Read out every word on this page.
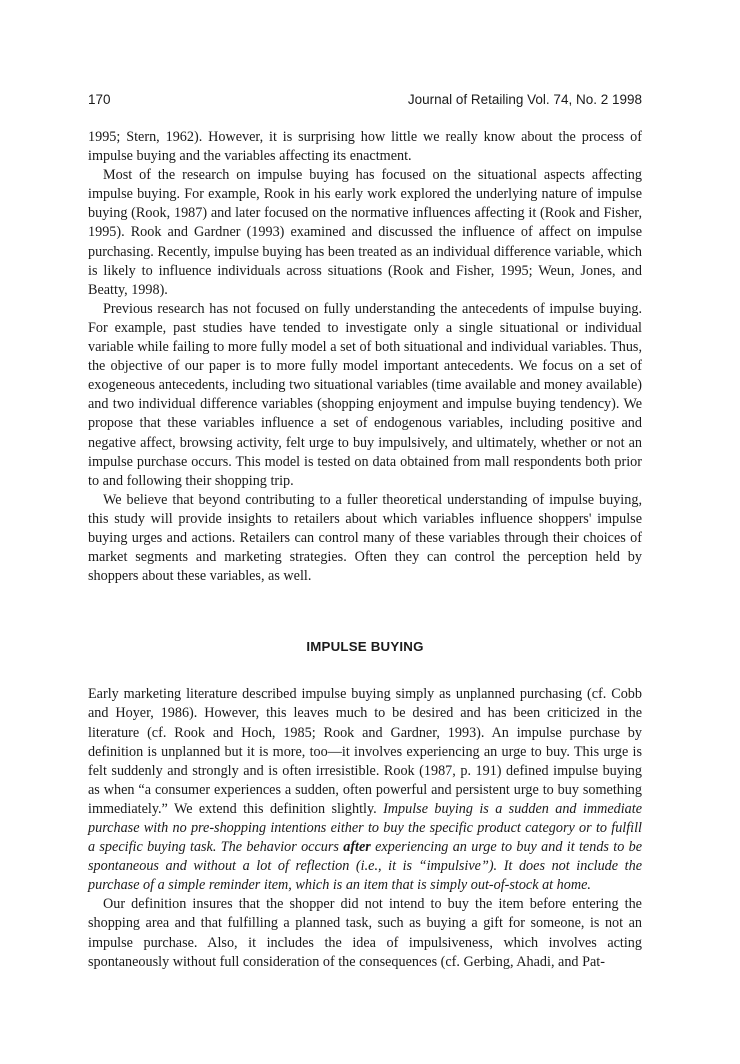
170	Journal of Retailing Vol. 74, No. 2 1998

1995; Stern, 1962). However, it is surprising how little we really know about the process of impulse buying and the variables affecting its enactment.

Most of the research on impulse buying has focused on the situational aspects affecting impulse buying. For example, Rook in his early work explored the underlying nature of impulse buying (Rook, 1987) and later focused on the normative influences affecting it (Rook and Fisher, 1995). Rook and Gardner (1993) examined and discussed the influence of affect on impulse purchasing. Recently, impulse buying has been treated as an individual difference variable, which is likely to influence individuals across situations (Rook and Fisher, 1995; Weun, Jones, and Beatty, 1998).

Previous research has not focused on fully understanding the antecedents of impulse buying. For example, past studies have tended to investigate only a single situational or individual variable while failing to more fully model a set of both situational and individual variables. Thus, the objective of our paper is to more fully model important antecedents. We focus on a set of exogeneous antecedents, including two situational variables (time available and money available) and two individual difference variables (shopping enjoyment and impulse buying tendency). We propose that these variables influence a set of endogenous variables, including positive and negative affect, browsing activity, felt urge to buy impulsively, and ultimately, whether or not an impulse purchase occurs. This model is tested on data obtained from mall respondents both prior to and following their shopping trip.

We believe that beyond contributing to a fuller theoretical understanding of impulse buying, this study will provide insights to retailers about which variables influence shoppers' impulse buying urges and actions. Retailers can control many of these variables through their choices of market segments and marketing strategies. Often they can control the perception held by shoppers about these variables, as well.

IMPULSE BUYING

Early marketing literature described impulse buying simply as unplanned purchasing (cf. Cobb and Hoyer, 1986). However, this leaves much to be desired and has been criticized in the literature (cf. Rook and Hoch, 1985; Rook and Gardner, 1993). An impulse purchase by definition is unplanned but it is more, too—it involves experiencing an urge to buy. This urge is felt suddenly and strongly and is often irresistible. Rook (1987, p. 191) defined impulse buying as when “a consumer experiences a sudden, often powerful and persistent urge to buy something immediately.” We extend this definition slightly. Impulse buying is a sudden and immediate purchase with no pre-shopping intentions either to buy the specific product category or to fulfill a specific buying task. The behavior occurs after experiencing an urge to buy and it tends to be spontaneous and without a lot of reflection (i.e., it is “impulsive”). It does not include the purchase of a simple reminder item, which is an item that is simply out-of-stock at home.

Our definition insures that the shopper did not intend to buy the item before entering the shopping area and that fulfilling a planned task, such as buying a gift for someone, is not an impulse purchase. Also, it includes the idea of impulsiveness, which involves acting spontaneously without full consideration of the consequences (cf. Gerbing, Ahadi, and Pat-
